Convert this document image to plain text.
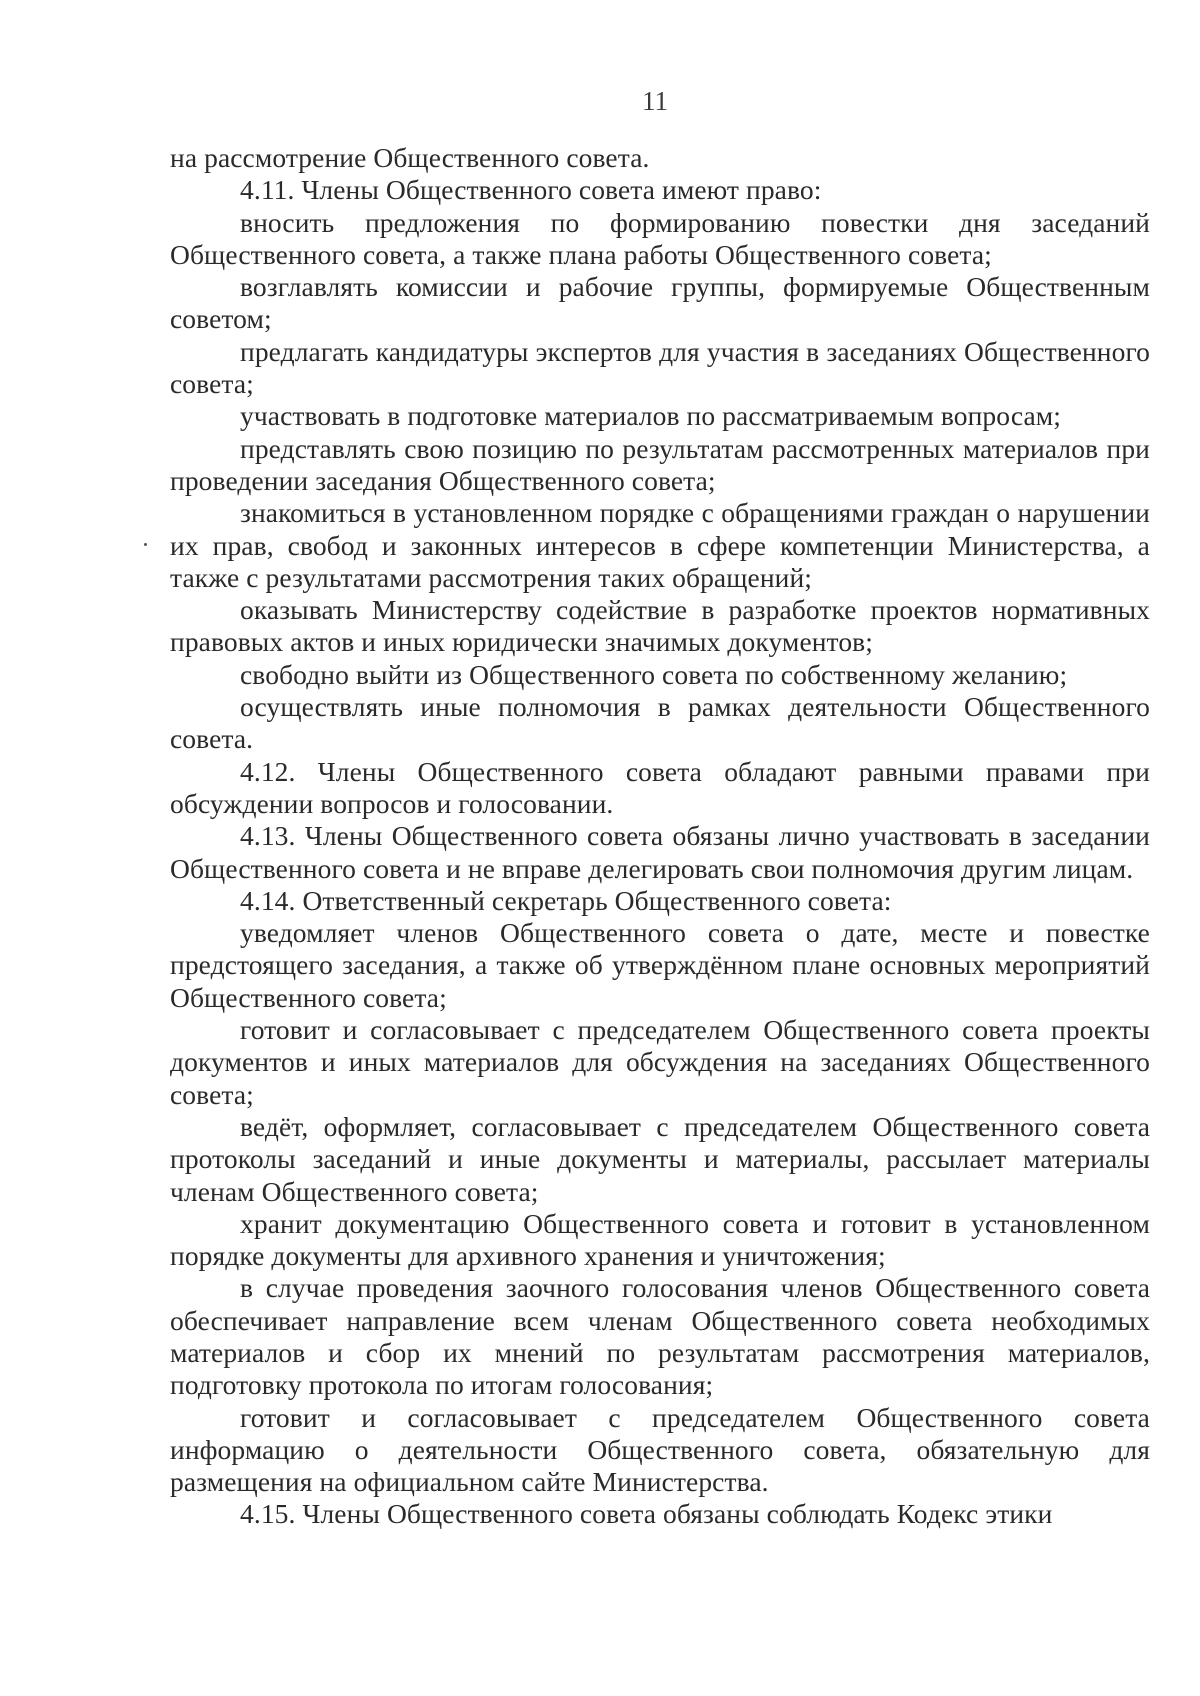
11

на рассмотрение Общественного совета.

4.11. Члены Общественного совета имеют право:

вносить предложения по формированию повестки дня заседаний Общественного совета, а также плана работы Общественного совета;

возглавлять комиссии и рабочие группы, формируемые Общественным советом;

предлагать кандидатуры экспертов для участия в заседаниях Общественного совета;

участвовать в подготовке материалов по рассматриваемым вопросам;

представлять свою позицию по результатам рассмотренных материалов при проведении заседания Общественного совета;

знакомиться в установленном порядке с обращениями граждан о нарушении их прав, свобод и законных интересов в сфере компетенции Министерства, а также с результатами рассмотрения таких обращений;

оказывать Министерству содействие в разработке проектов нормативных правовых актов и иных юридически значимых документов;

свободно выйти из Общественного совета по собственному желанию;

осуществлять иные полномочия в рамках деятельности Общественного совета.

4.12. Члены Общественного совета обладают равными правами при обсуждении вопросов и голосовании.

4.13. Члены Общественного совета обязаны лично участвовать в заседании Общественного совета и не вправе делегировать свои полномочия другим лицам.

4.14. Ответственный секретарь Общественного совета:

уведомляет членов Общественного совета о дате, месте и повестке предстоящего заседания, а также об утверждённом плане основных мероприятий Общественного совета;

готовит и согласовывает с председателем Общественного совета проекты документов и иных материалов для обсуждения на заседаниях Общественного совета;

ведёт, оформляет, согласовывает с председателем Общественного совета протоколы заседаний и иные документы и материалы, рассылает материалы членам Общественного совета;

хранит документацию Общественного совета и готовит в установленном порядке документы для архивного хранения и уничтожения;

в случае проведения заочного голосования членов Общественного совета обеспечивает направление всем членам Общественного совета необходимых материалов и сбор их мнений по результатам рассмотрения материалов, подготовку протокола по итогам голосования;

готовит и согласовывает с председателем Общественного совета информацию о деятельности Общественного совета, обязательную для размещения на официальном сайте Министерства.

4.15. Члены Общественного совета обязаны соблюдать Кодекс этики
